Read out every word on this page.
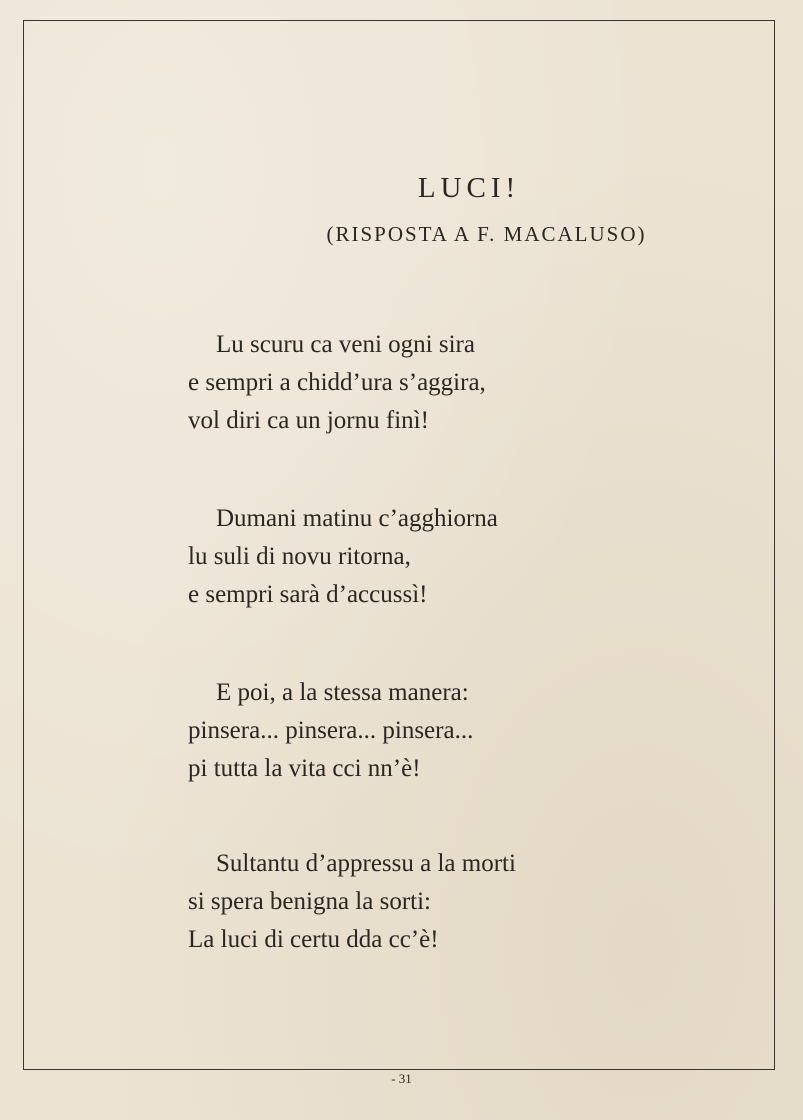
LUCI!
(RISPOSTA A F. MACALUSO)
Lu scuru ca veni ogni sira
e sempri a chidd’ura s’aggira,
vol diri ca un jornu finì!
Dumani matinu c’agghiorna
lu suli di novu ritorna,
e sempri sarà d’accussì!
E poi, a la stessa manera:
pinsera... pinsera... pinsera...
pi tutta la vita cci nn’è!
Sultantu d’appressu a la morti
si spera benigna la sorti:
La luci di certu dda cc’è!
- 31
